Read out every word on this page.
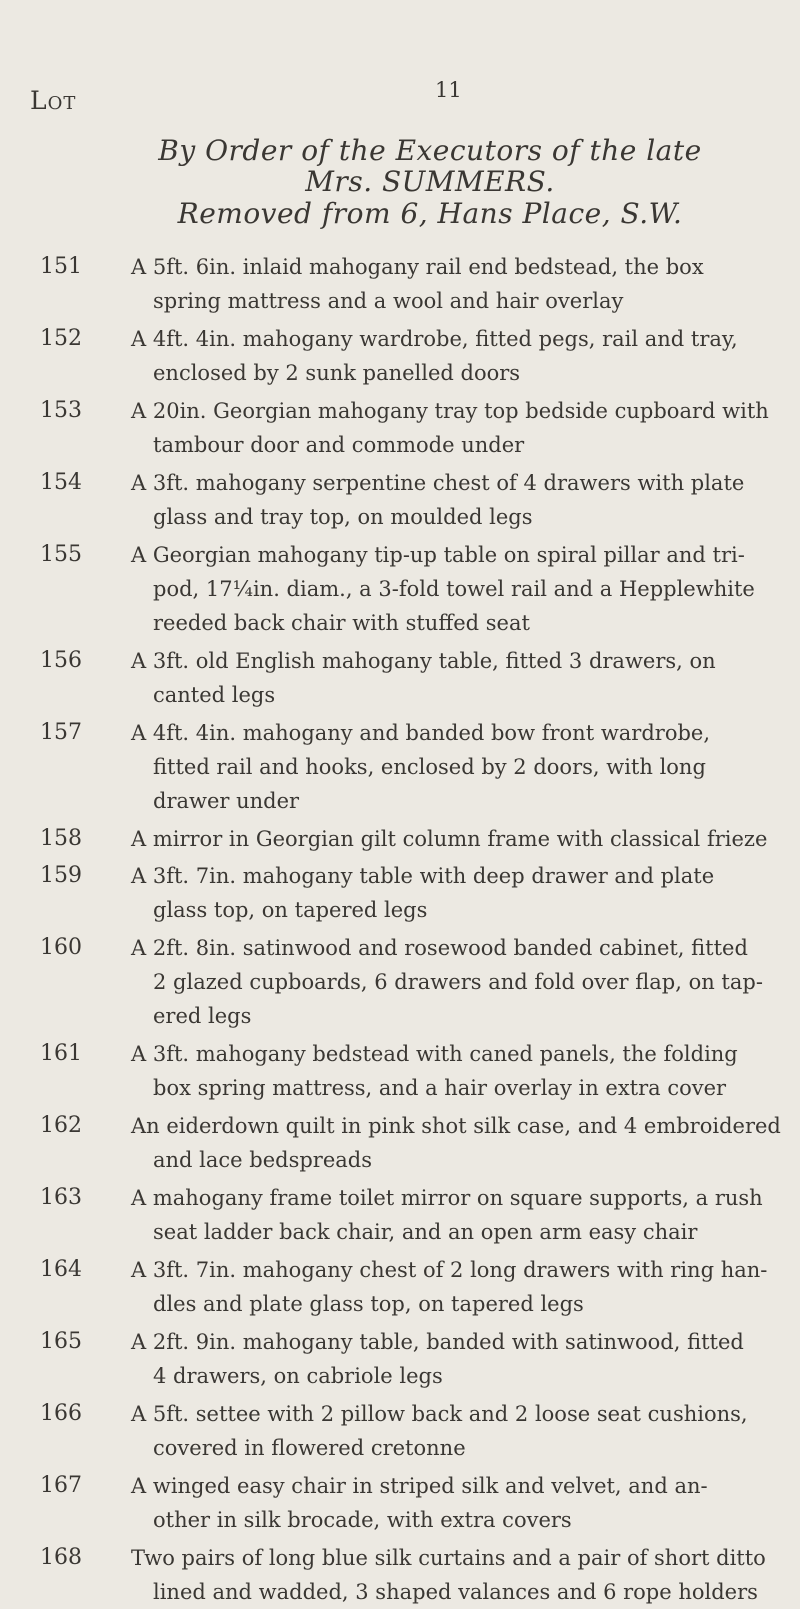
Lot	11
By Order of the Executors of the late
Mrs. SUMMERS.
Removed from 6, Hans Place, S.W.
151	A 5ft. 6in. inlaid mahogany rail end bedstead, the box
spring mattress and a wool and hair overlay
152	A 4ft. 4in. mahogany wardrobe, fitted pegs, rail and tray,
enclosed by 2 sunk panelled doors
153	A 20in. Georgian mahogany tray top bedside cupboard with
tambour door and commode under
154	A 3ft. mahogany serpentine chest of 4 drawers with plate
glass and tray top, on moulded legs
155	A Georgian mahogany tip-up table on spiral pillar and tri-
pod, 17¼in. diam., a 3-fold towel rail and a Hepplewhite
reeded back chair with stuffed seat
156	A 3ft. old English mahogany table, fitted 3 drawers, on
canted legs
157	A 4ft. 4in. mahogany and banded bow front wardrobe,
fitted rail and hooks, enclosed by 2 doors, with long
drawer under
158	A mirror in Georgian gilt column frame with classical frieze
159	A 3ft. 7in. mahogany table with deep drawer and plate
glass top, on tapered legs
160	A 2ft. 8in. satinwood and rosewood banded cabinet, fitted
2 glazed cupboards, 6 drawers and fold over flap, on tap-
ered legs
161	A 3ft. mahogany bedstead with caned panels, the folding
box spring mattress, and a hair overlay in extra cover
162	An eiderdown quilt in pink shot silk case, and 4 embroidered
and lace bedspreads
163	A mahogany frame toilet mirror on square supports, a rush
seat ladder back chair, and an open arm easy chair
164	A 3ft. 7in. mahogany chest of 2 long drawers with ring han-
dles and plate glass top, on tapered legs
165	A 2ft. 9in. mahogany table, banded with satinwood, fitted
4 drawers, on cabriole legs
166	A 5ft. settee with 2 pillow back and 2 loose seat cushions,
covered in flowered cretonne
167	A winged easy chair in striped silk and velvet, and an-
other in silk brocade, with extra covers
168	Two pairs of long blue silk curtains and a pair of short ditto
lined and wadded, 3 shaped valances and 6 rope holders
